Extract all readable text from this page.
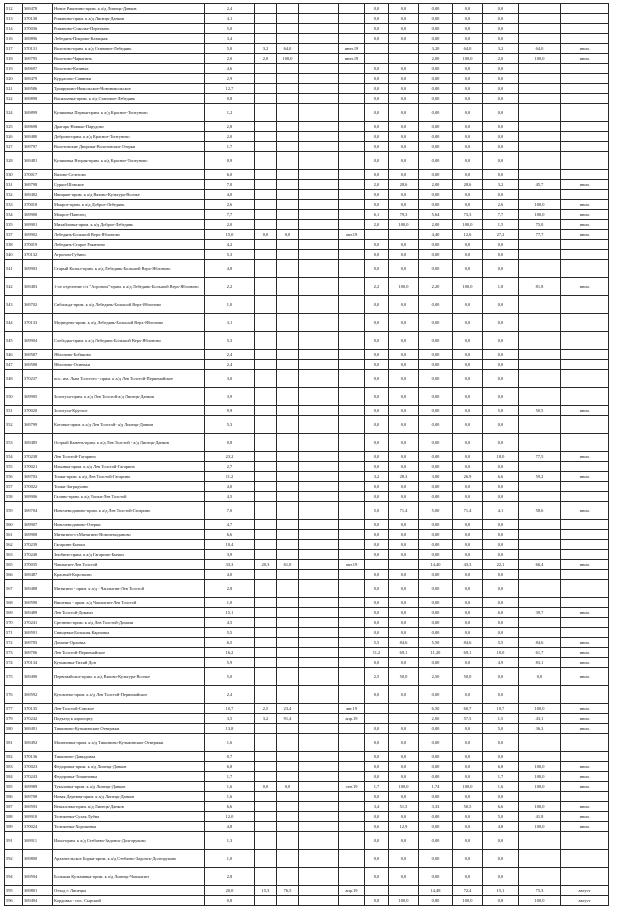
512	369478	Новое Ракитино-прим. к а/д Липецк-Данков	2,4					0,0	0,0	0,00	0,0	0,0		
513	370130	Романово-прим. к а/д Липецк-Данков	4,1					0,0	0,0	0,00	0,0	0,0		
514	370036	Романово-Соколье-Перехвать	5,0					0,0	0,0	0,00	0,0	0,0		
516	369896	Лебедянь-Покрово-Казацкая	3,4					0,0	0,0	0,00	0,0	0,0		
517	370131	Волотово-прим. к а/д Становое-Лебедянь	5,0	3,2	64,0		июн.19			3,20	64,0	3,2	64,0	июль
518	369795	Волотово-Чарыгинъ	2,0	2,0	100,0		июн.19			2,00	100,0	2,0	100,0	июль
519	369697	Волотово-Казинка	4,6					0,0	0,0	0,00	0,0	0,0		
520	369479	Курдасово-Савинки	2,9					0,0	0,0	0,00	0,0	0,0		
521	369586	Трояруково-Никольское-Новоникольское	12,7					0,0	0,0	0,00	0,0	0,0		
522	369898	Васильевка-прим. к а/д Становое-Лебедянь	0,8					0,0	0,0	0,00	0,0	0,0		
524	369899	Куликовка Первая-прим. к а/д Красное-Топтуново	1,2					0,0	0,0	0,00	0,0	0,0		
525	369698	Драгарь-Новико-Парудово	2,8					0,0	0,0	0,00	0,0	0,0		
526	369480	Доброва-прим. к а/д Красное-Топтуново	2,0					0,0	0,0	0,00	0,0	0,0		
527	369797	Волотовские Дворики-Волотовские Озерки	1,7					0,0	0,0	0,00	0,0	0,0		
528	369481	Куликовка Вторая-прим. к а/д Красное-Топтуново	0,9					0,0	0,0	0,00	0,0	0,0		
530	370017	Вязово-Селезово	6,0					0,0	0,0	0,00	0,0	0,0		
531	369798	Сурки-Шовское	7,0					2,0	28,6	2,00	28,6	3,2	45,7	июль
532	369482	Ивицкие-прим. к а/д Вязово-Культура-Волчье	4,0					0,0	0,0	0,00	0,0	0,0		
533	370018	Мокрое-прим. к а/д Доброе-Лебедянь	2,6					0,0	0,0	0,00	0,0	2,6	100,0	июль
534	369900	Мокрое-Павелец	7,7					6,1	79,3	5,64	73,3	7,7	100,0	июль
535	369901	Михайловка-прим. к а/д Доброе-Лебедянь	2,0					2,0	100,0	2,00	100,0	1,5	75,0	июль
537	369902	Лебедянь-Большой Верх-Яблоново	15,0	0,0	0,0		окт.19			4,40	12,6	27,2	77,7	июль
538	370019	Лебедянь-Старое Ракитино	4,2					0,0	0,0	0,00	0,0	0,0		
540	370132	Агроном-Губино	5,3					0,0	0,0	0,00	0,0	0,0		
541	369903	Старый Колыл-прим. к а/д Лебедянь-Большой Верх-Яблоново	4,8					0,0	0,0	0,00	0,0	0,0		
542	369483	1-ое отделение с/х "Агроном"-прим. к а/д Лебедянь-Большой Верх-Яблоново	2,2					2,2	100,0	2,20	100,0	1,8	81,8	июль
543	369702	Сибильда-прим. к а/д Лебедянь-Большой Верх-Яблоново	1,0					0,0	0,0	0,00	0,0	0,0		
544	370133	Медведево-прим. к а/д Лебедянь-Большой Верх-Яблоново	3,1					0,0	0,0	0,00	0,0	0,0		
545	369904	Слободка-прим. к а/д Лебедянь-Большой Верх-Яблоново	5,3					0,0	0,0	0,00	0,0	0,0		
546	369587	Яблоново-Бобяково	2,4					0,0	0,0	0,00	0,0	0,0		
547	369588	Яблоново-Осиньки	2,4					0,0	0,0	0,00	0,0	0,0		
548	370237	пос. им. Льва Толстого - прим. к а/д Лев Толстой-Первомайское	3,0					0,0	0,0	0,00	0,0	0,0		
550	369905	Золотуха-прим. к а/д Лев Толстой-а/д Липецк-Данков	3,9					0,0	0,0	0,00	0,0	0,0		
551	370020	Золотуха-Круглое	9,9					0,0	0,0	0,00	0,0	5,0	50,5	июль
552	369799	Котовка-прим. к а/д Лев Толстой- а/д Липецк-Данков	5,3					0,0	0,0	0,00	0,0	0,0		
553	369485	Острый Камень-прим. к а/д Лев Толстой - а/д Липецк-Данков	0,8					0,0	0,0	0,00	0,0	0,0		
554	370238	Лев Толстой-Гагарино	23,2					0,0	0,0	0,00	0,0	18,0	77,5	июль
555	370021	Ильинка-прим. к а/д Лев Толстой-Гагарино	2,7					0,0	0,0	0,00	0,0	0,0		
556	369703	Топки-прим. к а/д Лев Толстой-Гагарино	11,2					3,2	28,3	3,00	26,9	6,6	59,2	июль
557	370022	Топки-Загрядчино	4,0					0,0	0,0	0,00	0,0	0,0		
558	369906	Галино-прим. к а/д Топки-Лев Толстой	4,5					0,0	0,0	0,00	0,0	0,0		
559	369704	Новочемоданово-прим. к а/д Лев Толстой-Гагарино	7,0					5,0	71,4	5,00	71,4	4,1	58,6	июль
560	369907	Новочемоданово-Озерки	4,7					0,0	0,0	0,00	0,0	0,0		
561	369908	Митягино-ст.Митягино-Новочемоданово	6,6					0,0	0,0	0,00	0,0	0,0		
562	370239	Гагарино-Бычки	10,4					0,0	0,0	0,00	0,0	0,0		
563	370240	Знобино-прим. к а/д Гагарино-Бычки	3,9					0,0	0,0	0,00	0,0	0,0		
565	370035	Чаплыгин-Лев Толстой	33,3	20,3	61,0		окт.19			14,40	43,3	22,1	66,4	июль
566	369487	Красный-Коротково	4,0					0,0	0,0	0,00	0,0	0,0		
567	369488	Митягино - прим. к а/д - Чаплыгин-Лев Толстой	2,8					0,0	0,0	0,00	0,0	0,0		
568	369590	Вишенка - прим. а/д Чаплыгин-Лев Толстой	1,0					0,0	0,0	0,00	0,0	0,0		
569	369489	Лев Толстой-Домачи	15,1					0,0	0,0	0,00	0,0	6,0	39,7	июль
570	370241	Срезнево-прим. к а/д Лев Толстой-Домачи	4,5					0,0	0,0	0,00	0,0	0,0		
571	369591	Свищевка-Большая Карповка	5,5					0,0	0,0	0,00	0,0	0,0		
572	369705	Домачи-Орловка	6,5					5,5	84,6	5,50	84,6	5,5	84,6	июль
573	369706	Лев Толстой-Первомайское	16,2					11,2	69,1	11,20	69,1	10,0	61,7	июль
574	370134	Кузьминка-Тихий Дон	5,9					0,0	0,0	0,00	0,0	4,9	83,1	июль
575	369490	Первомайское-прим. к а/д Вязово-Культура-Волчье	5,0					2,5	50,0	2,50	50,0	0,0	0,0	июль
576	369592	Кузовлево-прим. к а/д Лев Толстой-Первомайское	2,4					0,0	0,0	0,00	0,0	0,0		
577	370135	Лев-Толстой-Савское	10,7	2,5	23,4		авг.19			6,50	60,7	10,7	100,0	июль
579	370242	Подъезд к аэропорту	3,5	3,2	91,4		апр.19			2,00	57,5	1,5	43,1	июль
580	369491	Тишиново-Кузьминские Отвержки	13,8					0,0	0,0	0,00	0,0	5,0	36,3	июль
581	369492	Малиновка-прим. к а/д Тишиново-Кузьминские Отвержки	1,6					0,0	0,0	0,00	0,0	0,0		
582	370136	Тишиново-Давыдовка	0,7					0,0	0,0	0,00	0,0	0,0		
583	370023	Федоровка-прим. к а/д Липецк-Данков	6,8					0,0	0,0	0,00	0,0	6,8	100,0	июль
584	370243	Федоровка-Тишиновка	1,7					0,0	0,0	0,00	0,0	1,7	100,0	июль
585	369989	Тукаловка-прим. к а/д Липецк-Данков	1,6	0,0	0,0		сен.19	1,7	100,0	1,74	100,0	1,6	100,0	июль
586	369708	Новая Деревня-прим. к а/д Липецк-Данков	1,6					0,0	0,0	0,00	0,0	0,0		
587	369593	Вешаловка-прим. к/д Липецк-Данков	6,6					3,4	51,5	3,33	50,5	6,6	100,0	июль
588	369910	Тележенка-Сухая Лубна	12,0					0,0	0,0	0,00	0,0	5,0	41,8	июль
589	370024	Тележенка-Хорошевка	4,8					0,6	12,9	0,00	0,0	4,8	100,0	июль
591	369911	Ильи-прим. к а/д Стебаево-Задонск-Долгоруково	1,3					0,0	0,0	0,00	0,0	0,0		
592	369800	Архангельское Борки-прим. к а/д Стебаево-Задонск-Долгоруково	1,0					0,0	0,0	0,00	0,0	0,0		
594	369594	Большая Кузьминка-прим. к а/д Липецк-Чаплыгин	2,8					0,0	0,0	0,00	0,0	0,0		
595	369801	Отход г. Липецка	20,0	15,3	76,5		апр.19			14,48	72,4	15,1	75,3	август
596	369494	Кордовка - пос. Сырский	0,8					0,8	100,0	0,80	100,0	0,8	100,0	август
